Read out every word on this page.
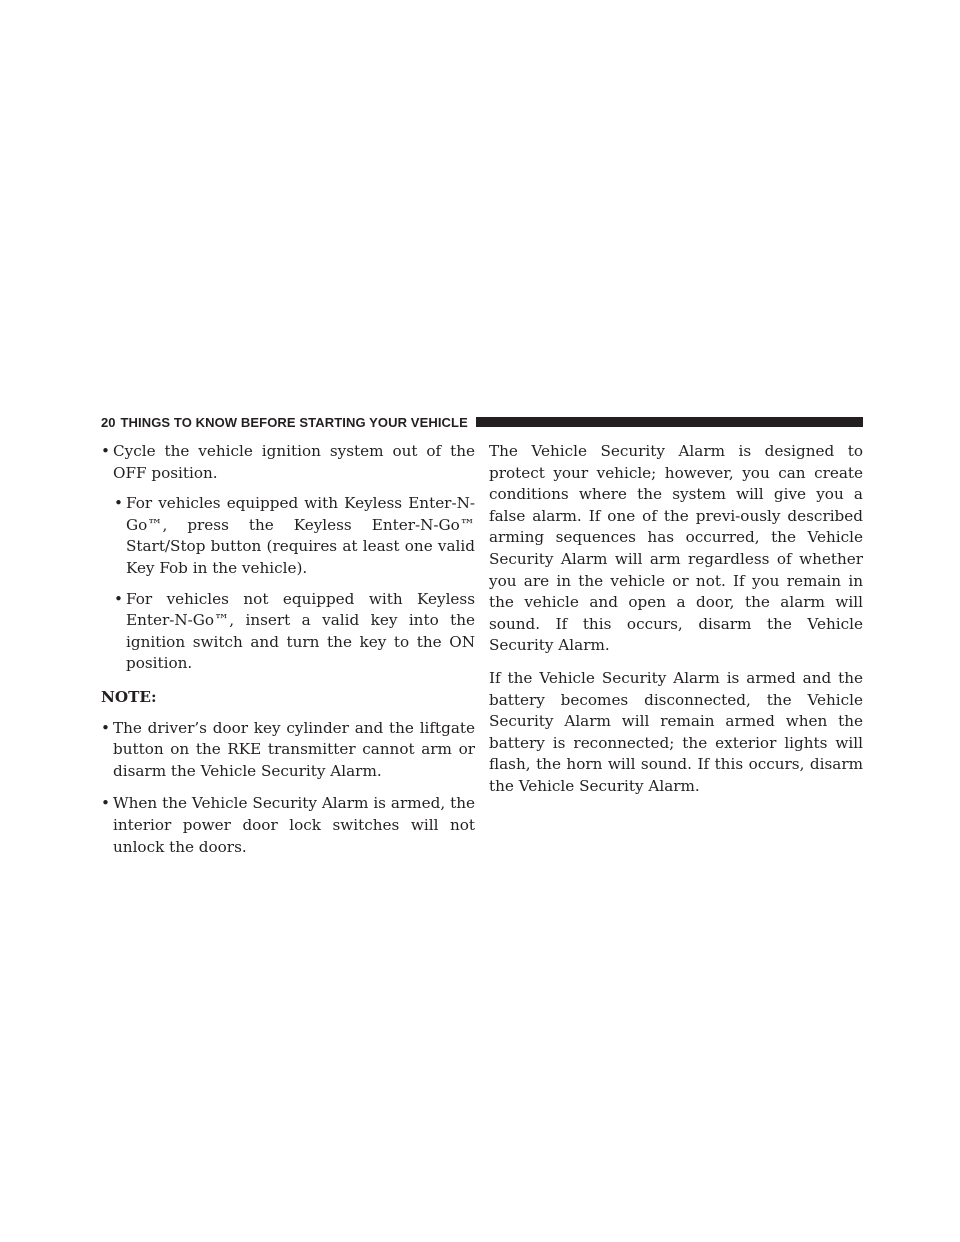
20 THINGS TO KNOW BEFORE STARTING YOUR VEHICLE
• Cycle the vehicle ignition system out of the OFF position.
• For vehicles equipped with Keyless Enter-N-Go™, press the Keyless Enter-N-Go™ Start/Stop button (requires at least one valid Key Fob in the vehicle).
• For vehicles not equipped with Keyless Enter-N-Go™, insert a valid key into the ignition switch and turn the key to the ON position.
NOTE:
• The driver’s door key cylinder and the liftgate button on the RKE transmitter cannot arm or disarm the Vehicle Security Alarm.
• When the Vehicle Security Alarm is armed, the interior power door lock switches will not unlock the doors.

The Vehicle Security Alarm is designed to protect your vehicle; however, you can create conditions where the system will give you a false alarm. If one of the previ-ously described arming sequences has occurred, the Vehicle Security Alarm will arm regardless of whether you are in the vehicle or not. If you remain in the vehicle and open a door, the alarm will sound. If this occurs, disarm the Vehicle Security Alarm.

If the Vehicle Security Alarm is armed and the battery becomes disconnected, the Vehicle Security Alarm will remain armed when the battery is reconnected; the exterior lights will flash, the horn will sound. If this occurs, disarm the Vehicle Security Alarm.
